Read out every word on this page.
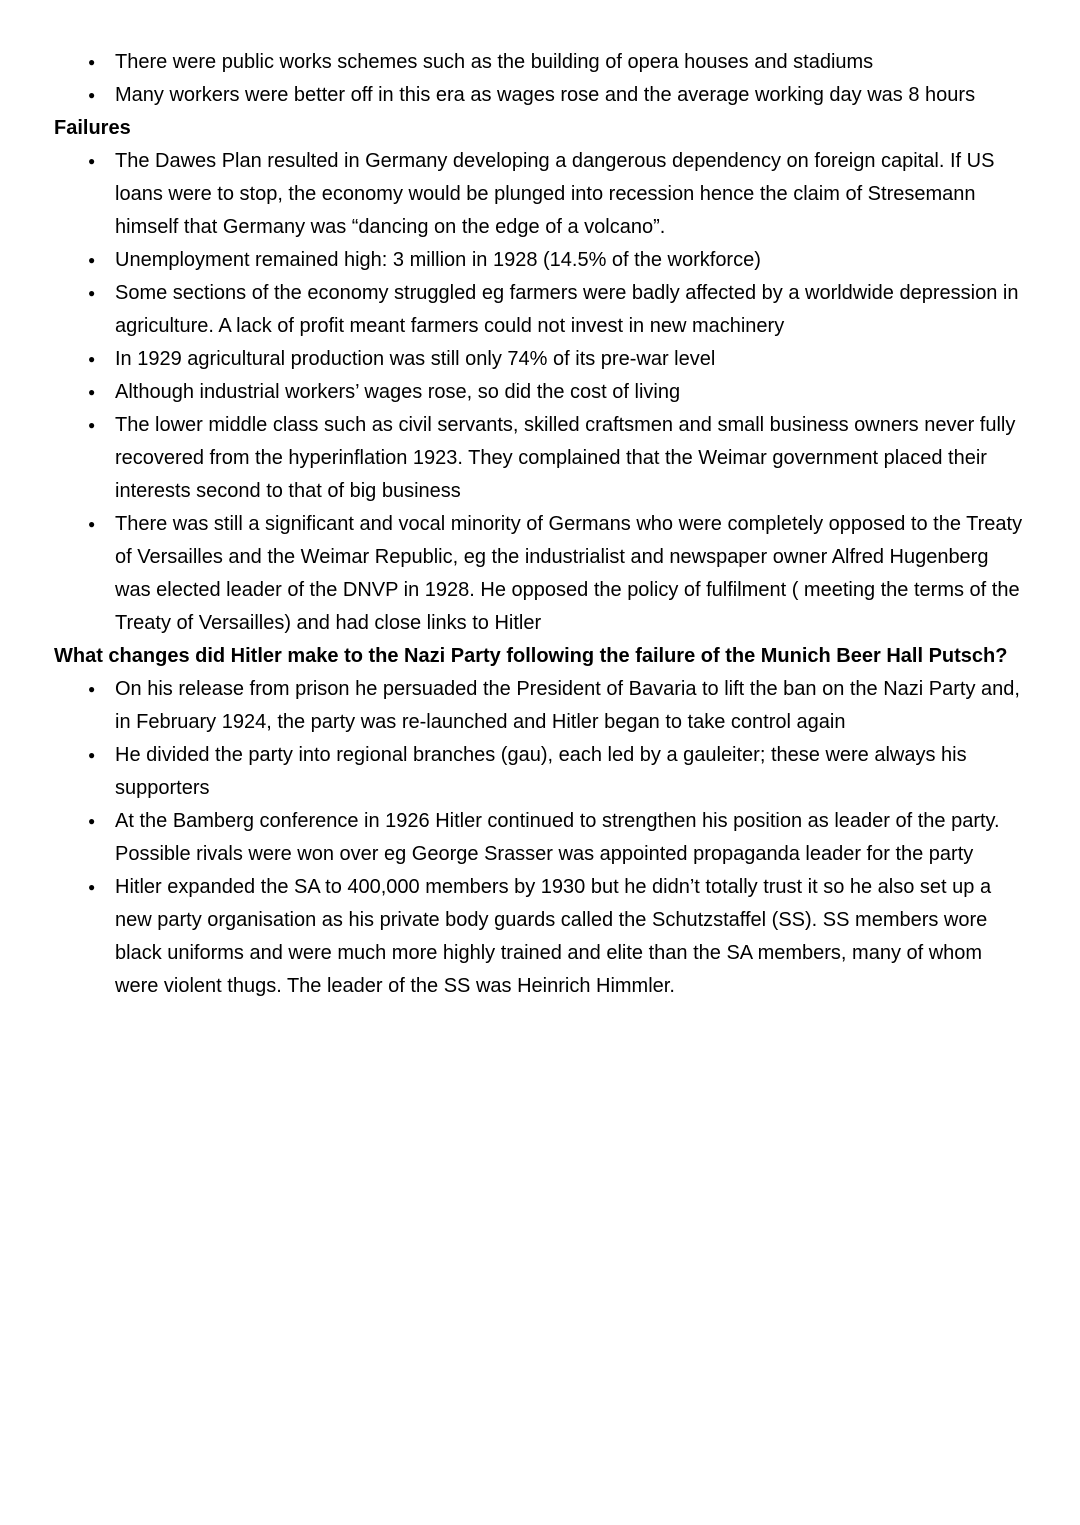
● There were public works schemes such as the building of opera houses and stadiums
● Many workers were better off in this era as wages rose and the average working day was 8 hours
Failures
● The Dawes Plan resulted in Germany developing a dangerous dependency on foreign capital. If US loans were to stop, the economy would be plunged into recession hence the claim of Stresemann himself that Germany was “dancing on the edge of a volcano”.
● Unemployment remained high: 3 million in 1928 (14.5% of the workforce)
● Some sections of the economy struggled eg farmers were badly affected by a worldwide depression in agriculture. A lack of profit meant farmers could not invest in new machinery
● In 1929 agricultural production was still only 74% of its pre-war level
● Although industrial workers’ wages rose, so did the cost of living
● The lower middle class such as civil servants, skilled craftsmen and small business owners never fully recovered from the hyperinflation 1923. They complained that the Weimar government placed their interests second to that of big business
● There was still a significant and vocal minority of Germans who were completely opposed to the Treaty of Versailles and the Weimar Republic, eg the industrialist and newspaper owner Alfred Hugenberg was elected leader of the DNVP in 1928. He opposed the policy of fulfilment ( meeting the terms of the Treaty of Versailles) and had close links to Hitler
What changes did Hitler make to the Nazi Party following the failure of the Munich Beer Hall Putsch?
● On his release from prison he persuaded the President of Bavaria to lift the ban on the Nazi Party and, in February 1924, the party was re-launched and Hitler began to take control again
● He divided the party into regional branches (gau), each led by a gauleiter; these were always his supporters
● At the Bamberg conference in 1926 Hitler continued to strengthen his position as leader of the party. Possible rivals were won over eg George Srasser was appointed propaganda leader for the party
● Hitler expanded the SA to 400,000 members by 1930 but he didn’t totally trust it so he also set up a new party organisation as his private body guards called the Schutzstaffel (SS). SS members wore black uniforms and were much more highly trained and elite than the SA members, many of whom were violent thugs. The leader of the SS was Heinrich Himmler.
